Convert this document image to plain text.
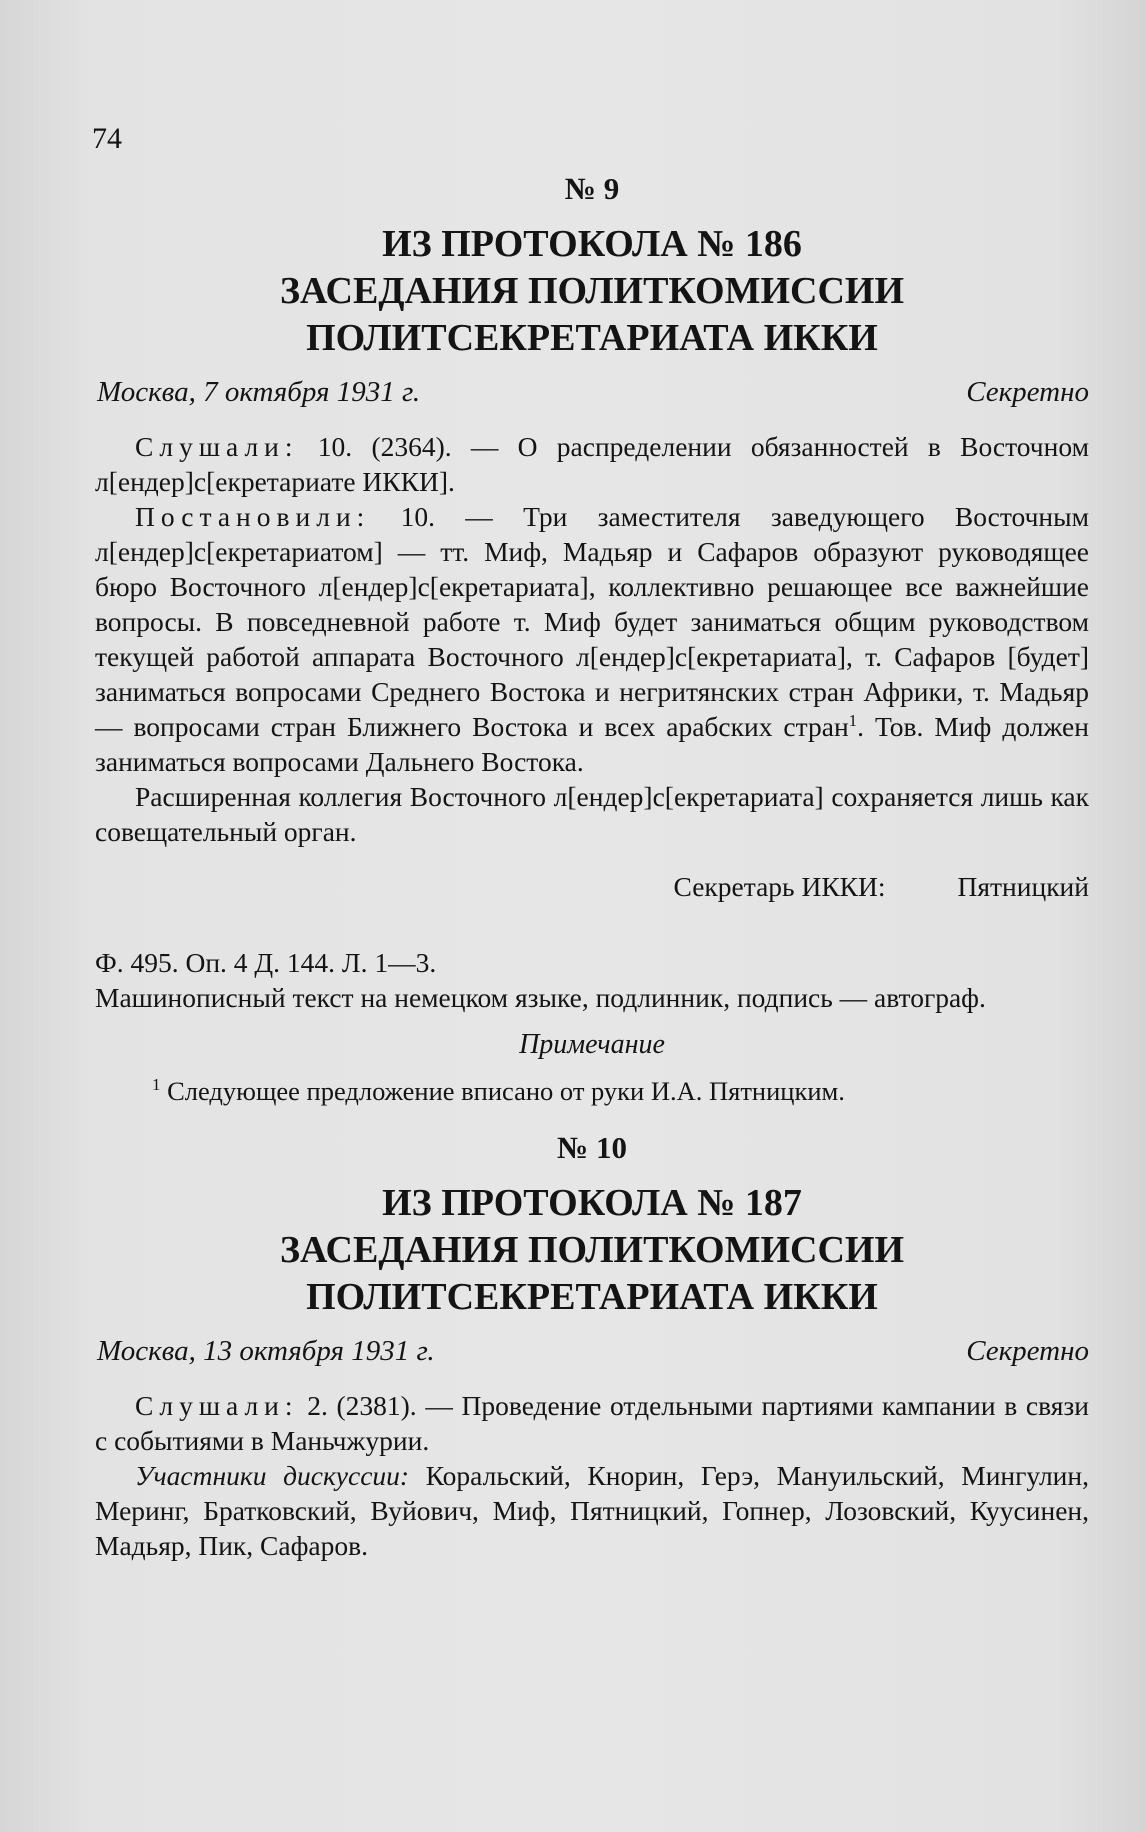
74
№ 9
ИЗ ПРОТОКОЛА № 186
ЗАСЕДАНИЯ ПОЛИТКОМИССИИ
ПОЛИТСЕКРЕТАРИАТА ИККИ
Москва, 7 октября 1931 г.	Секретно

Слушали: 10. (2364). — О распределении обязанностей в Восточном л[ендер]с[екретариате ИККИ].

Постановили: 10. — Три заместителя заведующего Восточным л[ендер]с[екретариатом] — тт. Миф, Мадьяр и Сафаров образуют руководящее бюро Восточного л[ендер]с[екретариата], коллективно решающее все важнейшие вопросы. В повседневной работе т. Миф будет заниматься общим руководством текущей работой аппарата Восточного л[ендер]с[екретариата], т. Сафаров [будет] заниматься вопросами Среднего Востока и негритянских стран Африки, т. Мадьяр — вопросами стран Ближнего Востока и всех арабских стран$^1$. Тов. Миф должен заниматься вопросами Дальнего Востока.

Расширенная коллегия Восточного л[ендер]с[екретариата] сохраняется лишь как совещательный орган.

Секретарь ИККИ:	Пятницкий

Ф. 495. Оп. 4 Д. 144. Л. 1—3.

Машинописный текст на немецком языке, подлинник, подпись — автограф.

Примечание

$^1$ Следующее предложение вписано от руки И.А. Пятницким.

№ 10
ИЗ ПРОТОКОЛА № 187
ЗАСЕДАНИЯ ПОЛИТКОМИССИИ
ПОЛИТСЕКРЕТАРИАТА ИККИ
Москва, 13 октября 1931 г.	Секретно

Слушали: 2. (2381). — Проведение отдельными партиями кампании в связи с событиями в Маньчжурии.

Участники дискуссии: Коральский, Кнорин, Герэ, Мануильский, Мингулин, Меринг, Братковский, Вуйович, Миф, Пятницкий, Гопнер, Лозовский, Куусинен, Мадьяр, Пик, Сафаров.
